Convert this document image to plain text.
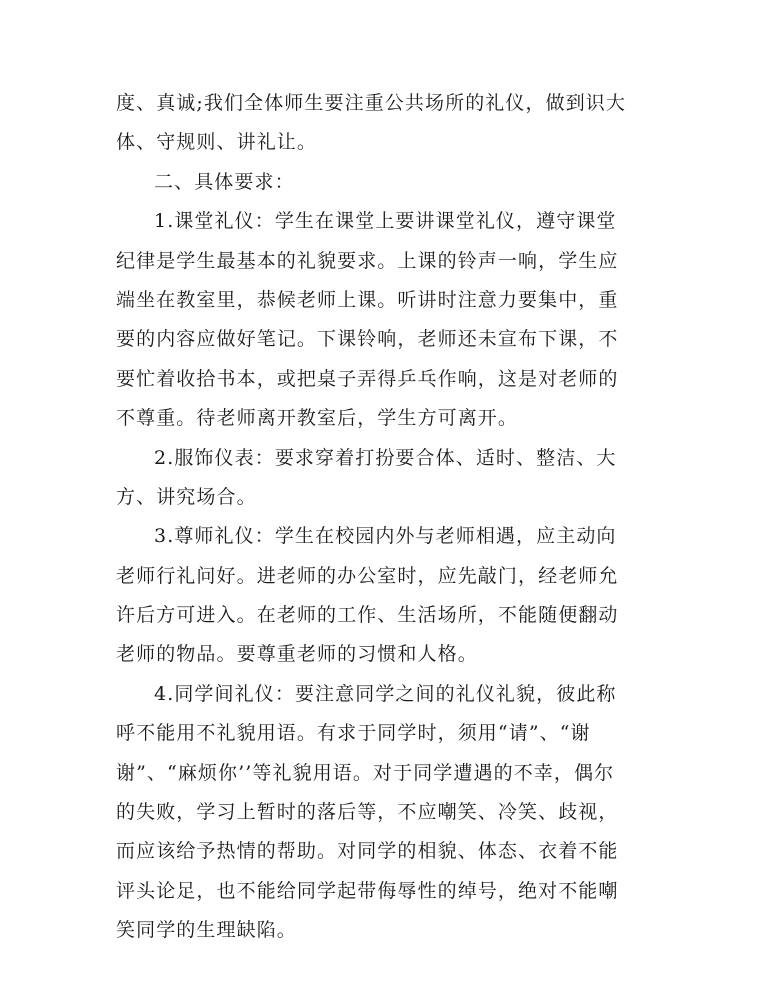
度、真诚;我们全体师生要注重公共场所的礼仪，做到识大
体、守规则、讲礼让。
二、具体要求：
1.课堂礼仪：学生在课堂上要讲课堂礼仪，遵守课堂
纪律是学生最基本的礼貌要求。上课的铃声一响，学生应
端坐在教室里，恭候老师上课。听讲时注意力要集中，重
要的内容应做好笔记。下课铃响，老师还未宣布下课，不
要忙着收拾书本，或把桌子弄得乒乓作响，这是对老师的
不尊重。待老师离开教室后，学生方可离开。
2.服饰仪表：要求穿着打扮要合体、适时、整洁、大
方、讲究场合。
3.尊师礼仪：学生在校园内外与老师相遇，应主动向
老师行礼问好。进老师的办公室时，应先敲门，经老师允
许后方可进入。在老师的工作、生活场所，不能随便翻动
老师的物品。要尊重老师的习惯和人格。
4.同学间礼仪：要注意同学之间的礼仪礼貌，彼此称
呼不能用不礼貌用语。有求于同学时，须用“请”、“谢
谢”、“麻烦你’’等礼貌用语。对于同学遭遇的不幸，偶尔
的失败，学习上暂时的落后等，不应嘲笑、冷笑、歧视，
而应该给予热情的帮助。对同学的相貌、体态、衣着不能
评头论足，也不能给同学起带侮辱性的绰号，绝对不能嘲
笑同学的生理缺陷。
